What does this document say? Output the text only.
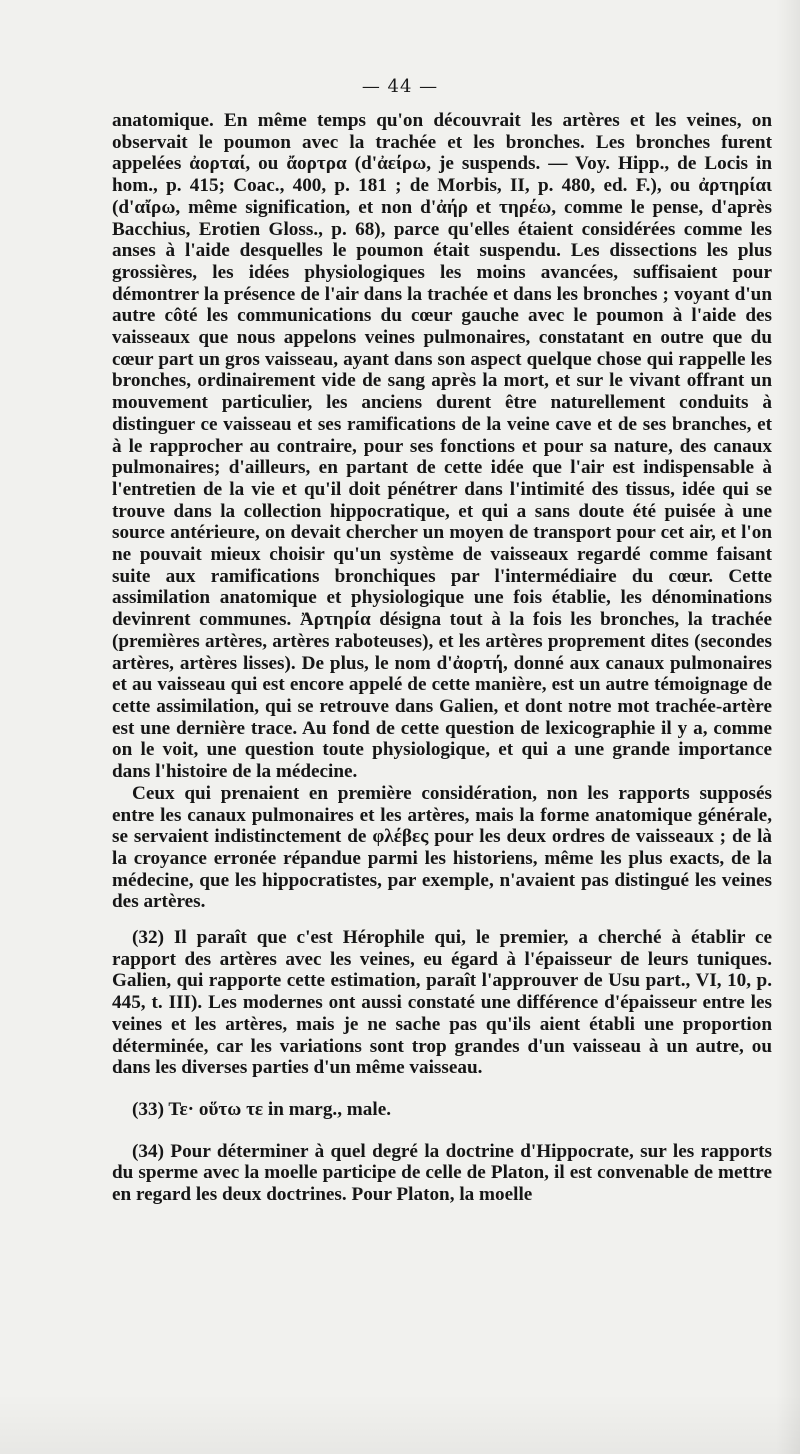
— 44 —

anatomique. En même temps qu'on découvrait les artères et les veines, on observait le poumon avec la trachée et les bronches. Les bronches furent appelées ἀορταί, ou ἄορτρα (d'ἀείρω, je suspends. — Voy. Hipp., de Locis in hom., p. 415; Coac., 400, p. 181 ; de Morbis, II, p. 480, ed. F.), ou ἀρτηρίαι (d'αἴρω, même signification, et non d'ἀήρ et τηρέω, comme le pense, d'après Bacchius, Erotien Gloss., p. 68), parce qu'elles étaient considérées comme les anses à l'aide desquelles le poumon était suspendu. Les dissections les plus grossières, les idées physiologiques les moins avancées, suffisaient pour démontrer la présence de l'air dans la trachée et dans les bronches ; voyant d'un autre côté les communications du cœur gauche avec le poumon à l'aide des vaisseaux que nous appelons veines pulmonaires, constatant en outre que du cœur part un gros vaisseau, ayant dans son aspect quelque chose qui rappelle les bronches, ordinairement vide de sang après la mort, et sur le vivant offrant un mouvement particulier, les anciens durent être naturellement conduits à distinguer ce vaisseau et ses ramifications de la veine cave et de ses branches, et à le rapprocher au contraire, pour ses fonctions et pour sa nature, des canaux pulmonaires; d'ailleurs, en partant de cette idée que l'air est indispensable à l'entretien de la vie et qu'il doit pénétrer dans l'intimité des tissus, idée qui se trouve dans la collection hippocratique, et qui a sans doute été puisée à une source antérieure, on devait chercher un moyen de transport pour cet air, et l'on ne pouvait mieux choisir qu'un système de vaisseaux regardé comme faisant suite aux ramifications bronchiques par l'intermédiaire du cœur. Cette assimilation anatomique et physiologique une fois établie, les dénominations devinrent communes. Ἀρτηρία désigna tout à la fois les bronches, la trachée (premières artères, artères raboteuses), et les artères proprement dites (secondes artères, artères lisses). De plus, le nom d'ἀορτή, donné aux canaux pulmonaires et au vaisseau qui est encore appelé de cette manière, est un autre témoignage de cette assimilation, qui se retrouve dans Galien, et dont notre mot trachée-artère est une dernière trace. Au fond de cette question de lexicographie il y a, comme on le voit, une question toute physiologique, et qui a une grande importance dans l'histoire de la médecine.

Ceux qui prenaient en première considération, non les rapports supposés entre les canaux pulmonaires et les artères, mais la forme anatomique générale, se servaient indistinctement de φλέβες pour les deux ordres de vaisseaux ; de là la croyance erronée répandue parmi les historiens, même les plus exacts, de la médecine, que les hippocratistes, par exemple, n'avaient pas distingué les veines des artères.

(32) Il paraît que c'est Hérophile qui, le premier, a cherché à établir ce rapport des artères avec les veines, eu égard à l'épaisseur de leurs tuniques. Galien, qui rapporte cette estimation, paraît l'approuver de Usu part., VI, 10, p. 445, t. III). Les modernes ont aussi constaté une différence d'épaisseur entre les veines et les artères, mais je ne sache pas qu'ils aient établi une proportion déterminée, car les variations sont trop grandes d'un vaisseau à un autre, ou dans les diverses parties d'un même vaisseau.

(33) Τε· οὕτω τε in marg., male.

(34) Pour déterminer à quel degré la doctrine d'Hippocrate, sur les rapports du sperme avec la moelle participe de celle de Platon, il est convenable de mettre en regard les deux doctrines. Pour Platon, la moelle
